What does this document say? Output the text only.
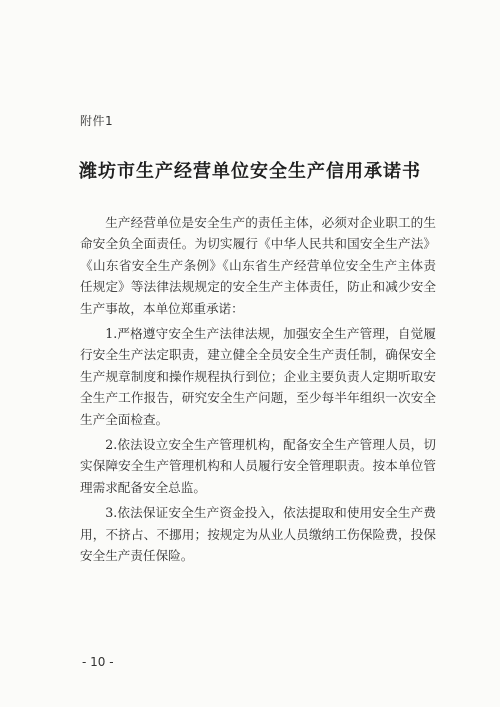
附件1
潍坊市生产经营单位安全生产信用承诺书

生产经营单位是安全生产的责任主体，必须对企业职工的生命安全负全面责任。为切实履行《中华人民共和国安全生产法》《山东省安全生产条例》《山东省生产经营单位安全生产主体责任规定》等法律法规规定的安全生产主体责任，防止和减少安全生产事故，本单位郑重承诺：

1.严格遵守安全生产法律法规，加强安全生产管理，自觉履行安全生产法定职责，建立健全全员安全生产责任制，确保安全生产规章制度和操作规程执行到位；企业主要负责人定期听取安全生产工作报告，研究安全生产问题，至少每半年组织一次安全生产全面检查。

2.依法设立安全生产管理机构，配备安全生产管理人员，切实保障安全生产管理机构和人员履行安全管理职责。按本单位管理需求配备安全总监。

3.依法保证安全生产资金投入，依法提取和使用安全生产费用，不挤占、不挪用；按规定为从业人员缴纳工伤保险费，投保安全生产责任保险。

- 10 -
